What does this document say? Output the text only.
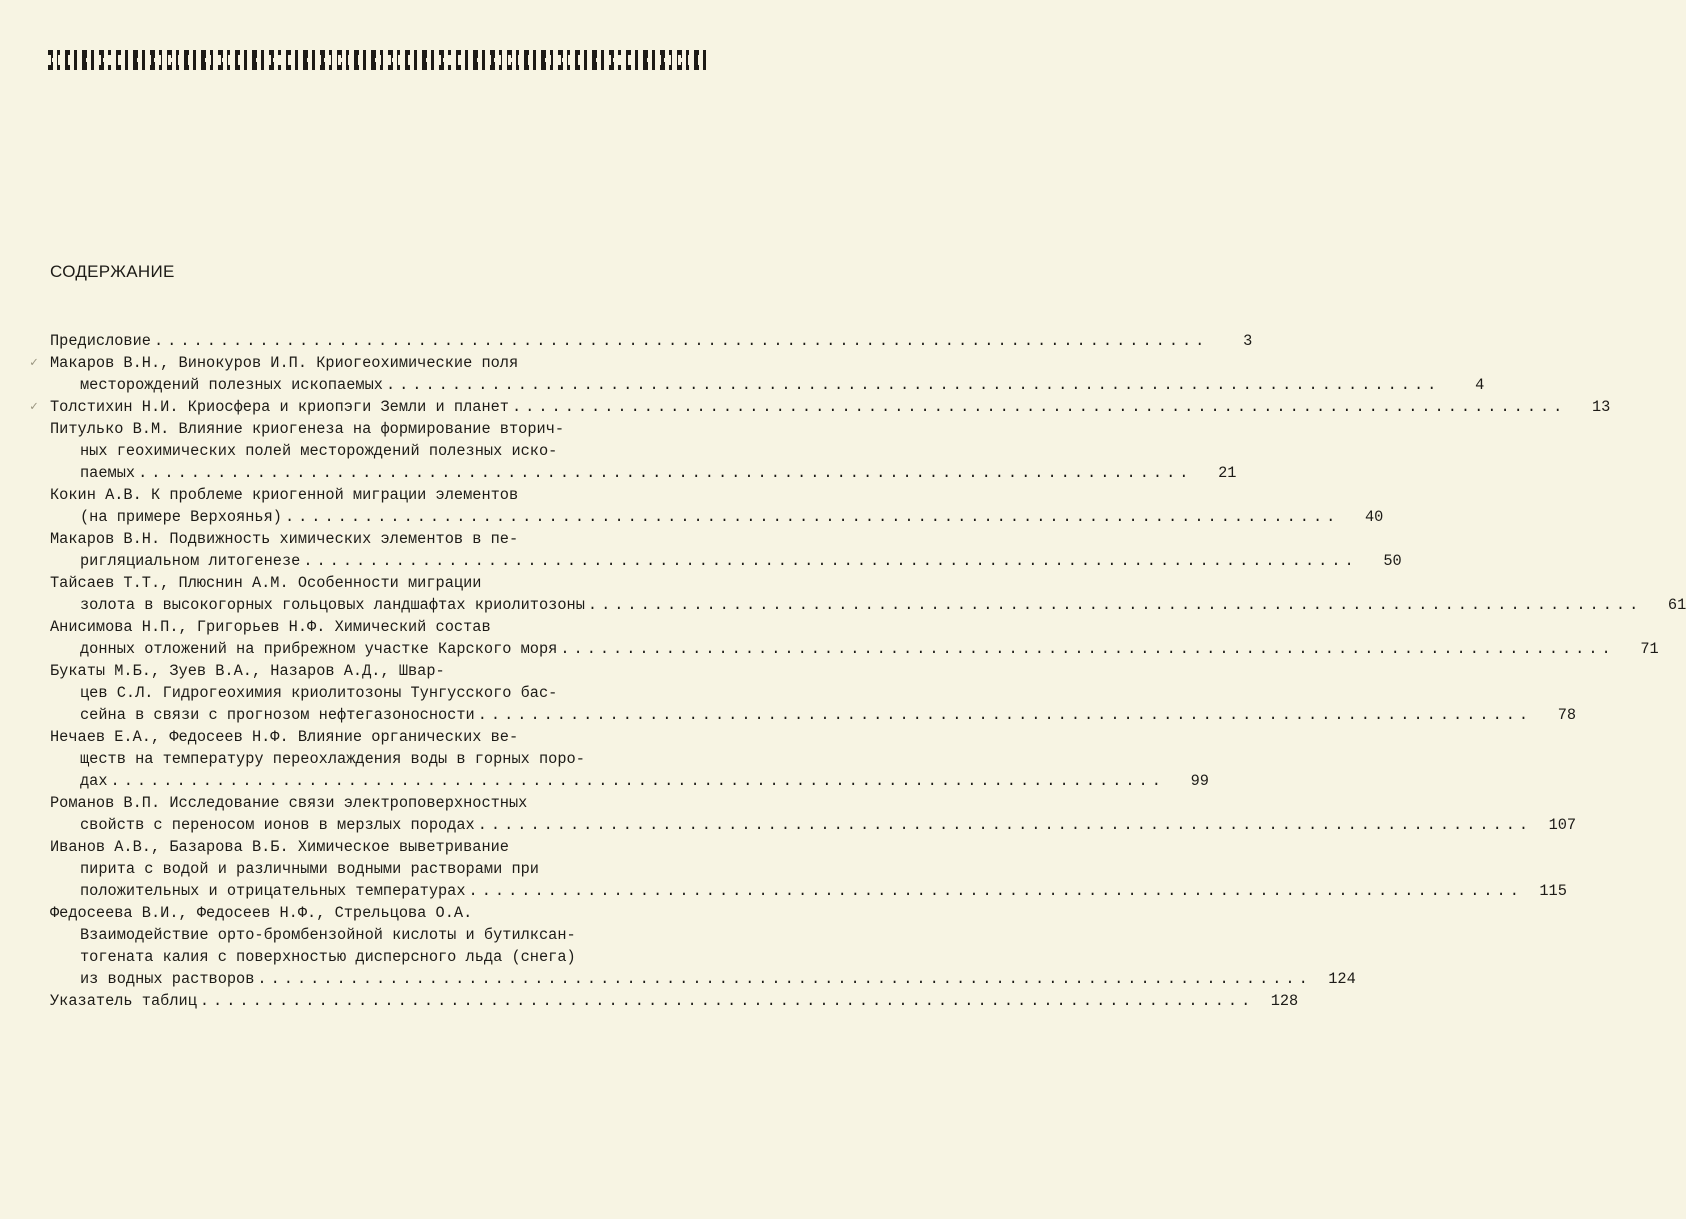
СОДЕРЖАНИЕ
Предисловие ................................................................................	3
✓ Макаров В.Н., Винокуров И.П. Криогеохимические поля
месторождений полезных ископаемых ................................................................................	4
✓ Толстихин Н.И. Криосфера и криопэги Земли и планет ................................................................................	13
Питулько В.М. Влияние криогенеза на формирование вторич-
ных геохимических полей месторождений полезных иско-
паемых ................................................................................	21
Кокин А.В. К проблеме криогенной миграции элементов
(на примере Верхоянья) ................................................................................	40
Макаров В.Н. Подвижность химических элементов в пе-
ригляциальном литогенезе ................................................................................	50
Тайсаев Т.Т., Плюснин А.М. Особенности миграции
золота в высокогорных гольцовых ландшафтах криолитозоны ................................................................................	61
Анисимова Н.П., Григорьев Н.Ф. Химический состав
донных отложений на прибрежном участке Карского моря ................................................................................	71
Букаты М.Б., Зуев В.А., Назаров А.Д., Швар-
цев С.Л. Гидрогеохимия криолитозоны Тунгусского бас-
сейна в связи с прогнозом нефтегазоносности ................................................................................	78
Нечаев Е.А., Федосеев Н.Ф. Влияние органических ве-
ществ на температуру переохлаждения воды в горных поро-
дах ................................................................................	99
Романов В.П. Исследование связи электроповерхностных
свойств с переносом ионов в мерзлых породах ................................................................................	107
Иванов А.В., Базарова В.Б. Химическое выветривание
пирита с водой и различными водными растворами при
положительных и отрицательных температурах ................................................................................	115
Федосеева В.И., Федосеев Н.Ф., Стрельцова О.А.
Взаимодействие орто-бромбензойной кислоты и бутилксан-
тогената калия с поверхностью дисперсного льда (снега)
из водных растворов ................................................................................	124
Указатель таблиц ................................................................................	128
